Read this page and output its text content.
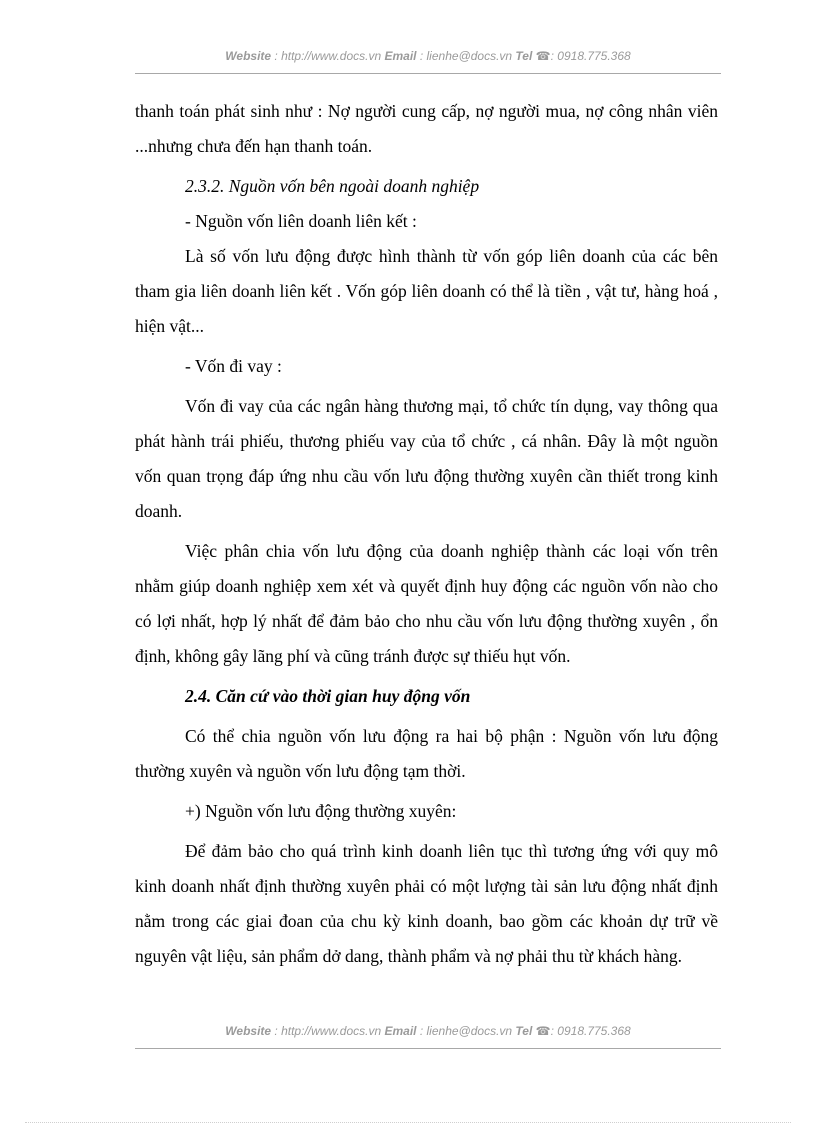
Website : http://www.docs.vn Email : lienhe@docs.vn Tel ☎: 0918.775.368

thanh toán phát sinh như : Nợ người cung cấp, nợ người mua, nợ công nhân viên ...nhưng chưa đến hạn thanh toán.

2.3.2. Nguồn vốn bên ngoài doanh nghiệp

- Nguồn vốn liên doanh liên kết :

Là số vốn lưu động được hình thành từ vốn góp liên doanh của các bên tham gia liên doanh liên kết . Vốn góp liên doanh có thể là tiền , vật tư, hàng hoá , hiện vật...

- Vốn đi vay :

Vốn đi vay của các ngân hàng thương mại, tổ chức tín dụng, vay thông qua phát hành trái phiếu, thương phiếu vay của tổ chức , cá nhân. Đây là một nguồn vốn quan trọng đáp ứng nhu cầu vốn lưu động thường xuyên cần thiết trong kinh doanh.

Việc phân chia vốn lưu động của doanh nghiệp thành các loại vốn trên nhằm giúp doanh nghiệp xem xét và quyết định huy động các nguồn vốn nào cho có lợi nhất, hợp lý nhất để đảm bảo cho nhu cầu vốn lưu động thường xuyên , ổn định, không gây lãng phí và cũng tránh được sự thiếu hụt vốn.

2.4. Căn cứ vào thời gian huy động vốn

Có thể chia nguồn vốn lưu động ra hai bộ phận : Nguồn vốn lưu động thường xuyên và nguồn vốn lưu động tạm thời.

+) Nguồn vốn lưu động thường xuyên:

Để đảm bảo cho quá trình kinh doanh liên tục thì tương ứng với quy mô kinh doanh nhất định thường xuyên phải có một lượng tài sản lưu động nhất định nằm trong các giai đoan của chu kỳ kinh doanh, bao gồm các khoản dự trữ về nguyên vật liệu, sản phẩm dở dang, thành phẩm và nợ phải thu từ khách hàng.

Website : http://www.docs.vn Email : lienhe@docs.vn Tel ☎: 0918.775.368
